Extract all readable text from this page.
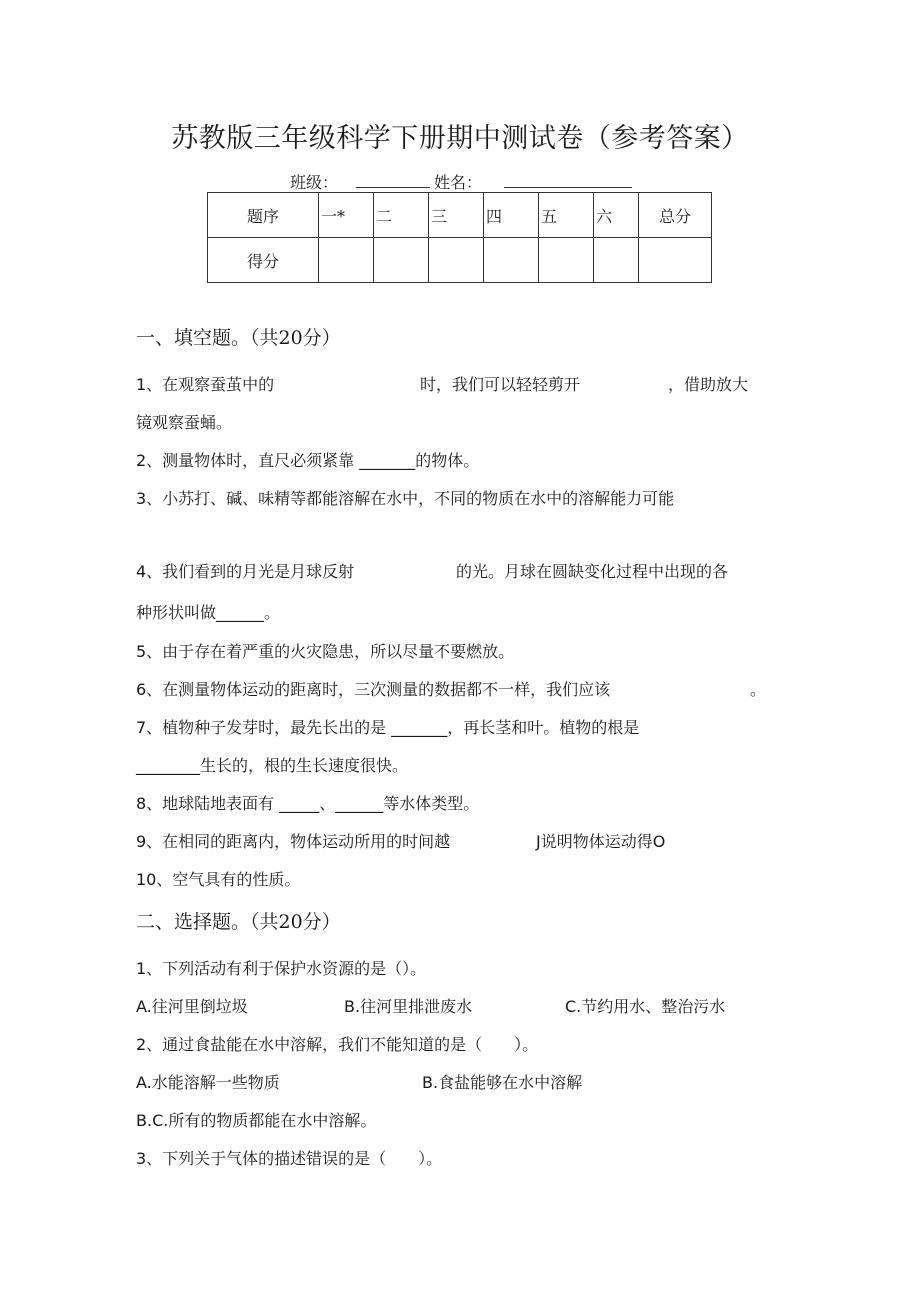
苏教版三年级科学下册期中测试卷（参考答案）
班级：	姓名：
题序	一*	二	三	四	五	六	总分
得分							
一、填空题。（共20分）
1、在观察蚕茧中的	时，我们可以轻轻剪开	，借助放大
镜观察蚕蛹。
2、测量物体时，直尺必须紧靠 _______的物体。
3、小苏打、碱、味精等都能溶解在水中，不同的物质在水中的溶解能力可能
4、我们看到的月光是月球反射	的光。月球在圆缺变化过程中出现的各
种形状叫做______。
5、由于存在着严重的火灾隐患，所以尽量不要燃放。
6、在测量物体运动的距离时，三次测量的数据都不一样，我们应该	。
7、植物种子发芽时，最先长出的是 _______，再长茎和叶。植物的根是
________生长的，根的生长速度很快。
8、地球陆地表面有 _____、______等水体类型。
9、在相同的距离内，物体运动所用的时间越	J说明物体运动得O
10、空气具有的性质。
二、选择题。（共20分）
1、下列活动有利于保护水资源的是（）。
A.往河里倒垃圾	B.往河里排泄废水	C.节约用水、整治污水
2、通过食盐能在水中溶解，我们不能知道的是（　　）。
A.水能溶解一些物质	B.食盐能够在水中溶解
B.C.所有的物质都能在水中溶解。
3、下列关于气体的描述错误的是（　　）。
